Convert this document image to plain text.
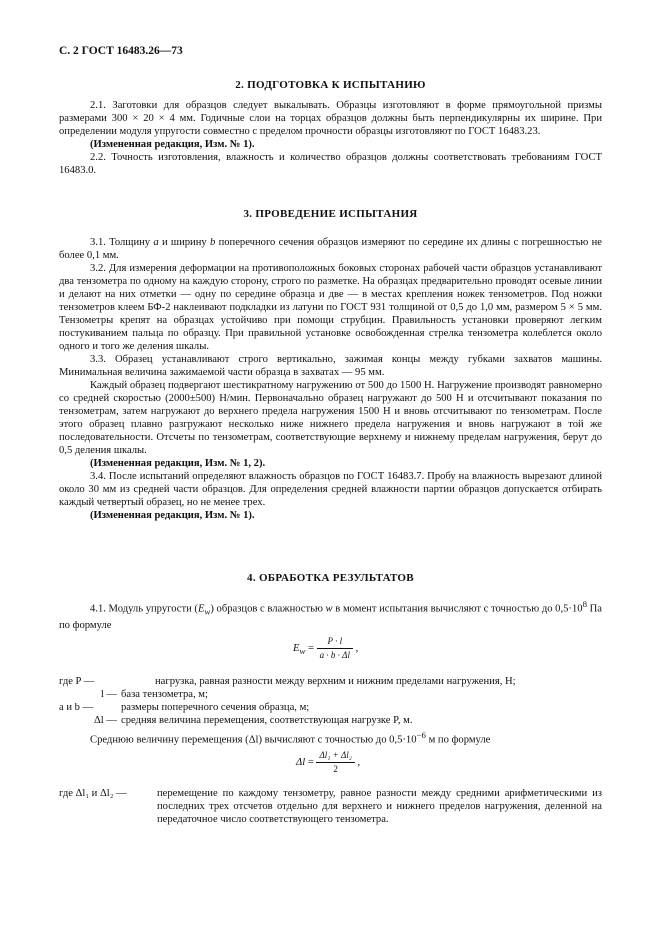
С. 2 ГОСТ 16483.26—73
2. ПОДГОТОВКА К ИСПЫТАНИЮ

2.1. Заготовки для образцов следует выкалывать. Образцы изготовляют в форме прямоугольной призмы размерами 300 × 20 × 4 мм. Годичные слои на торцах образцов должны быть перпендикулярны их ширине. При определении модуля упругости совместно с пределом прочности образцы изготовляют по ГОСТ 16483.23.

(Измененная редакция, Изм. № 1).

2.2. Точность изготовления, влажность и количество образцов должны соответствовать требованиям ГОСТ 16483.0.

3. ПРОВЕДЕНИЕ ИСПЫТАНИЯ

3.1. Толщину a и ширину b поперечного сечения образцов измеряют по середине их длины с погрешностью не более 0,1 мм.

3.2. Для измерения деформации на противоположных боковых сторонах рабочей части образцов устанавливают два тензометра по одному на каждую сторону, строго по разметке. На образцах предварительно проводят осевые линии и делают на них отметки — одну по середине образца и две — в местах крепления ножек тензометров. Под ножки тензометров клеем БФ-2 наклеивают подкладки из латуни по ГОСТ 931 толщиной от 0,5 до 1,0 мм, размером 5 × 5 мм. Тензометры крепят на образцах устойчиво при помощи струбцин. Правильность установки проверяют легким постукиванием пальца по образцу. При правильной установке освобожденная стрелка тензометра колеблется около одного и того же деления шкалы.

3.3. Образец устанавливают строго вертикально, зажимая концы между губками захватов машины. Минимальная величина зажимаемой части образца в захватах — 95 мм.

Каждый образец подвергают шестикратному нагружению от 500 до 1500 Н. Нагружение производят равномерно со средней скоростью (2000±500) Н/мин. Первоначально образец нагружают до 500 Н и отсчитывают показания по тензометрам, затем нагружают до верхнего предела нагружения 1500 Н и вновь отсчитывают по тензометрам. После этого образец плавно разгружают несколько ниже нижнего предела нагружения и вновь нагружают в той же последовательности. Отсчеты по тензометрам, соответствующие верхнему и нижнему пределам нагружения, берут до 0,5 деления шкалы.

(Измененная редакция, Изм. № 1, 2).

3.4. После испытаний определяют влажность образцов по ГОСТ 16483.7. Пробу на влажность вырезают длиной около 30 мм из средней части образцов. Для определения средней влажности партии образцов допускается отбирать каждый четвертый образец, но не менее трех.

(Измененная редакция, Изм. № 1).

4. ОБРАБОТКА РЕЗУЛЬТАТОВ

4.1. Модуль упругости $(E_w)$ образцов с влажностью w в момент испытания вычисляют с точностью до $0,5\cdot 10^8$ Па по формуле

$E_w = \frac{P \cdot l}{a \cdot b \cdot \Delta l}$ ,
где P —	нагрузка, равная разности между верхним и нижним пределами нагружения, Н;
l — база тензометра, м;
a и b —	размеры поперечного сечения образца, м;
Δl — средняя величина перемещения, соответствующая нагрузке P, м.

Среднюю величину перемещения (Δl) вычисляют с точностью до $0,5\cdot 10^{-6}$ м по формуле

$\Delta l = \frac{\text{Δl₁ + Δl₂}}{2}$ ,
где Δl₁ и Δl₂ —	перемещение по каждому тензометру, равное разности между средними арифметическими из последних трех отсчетов отдельно для верхнего и нижнего пределов нагружения, деленной на передаточное число соответствующего тензометра.
